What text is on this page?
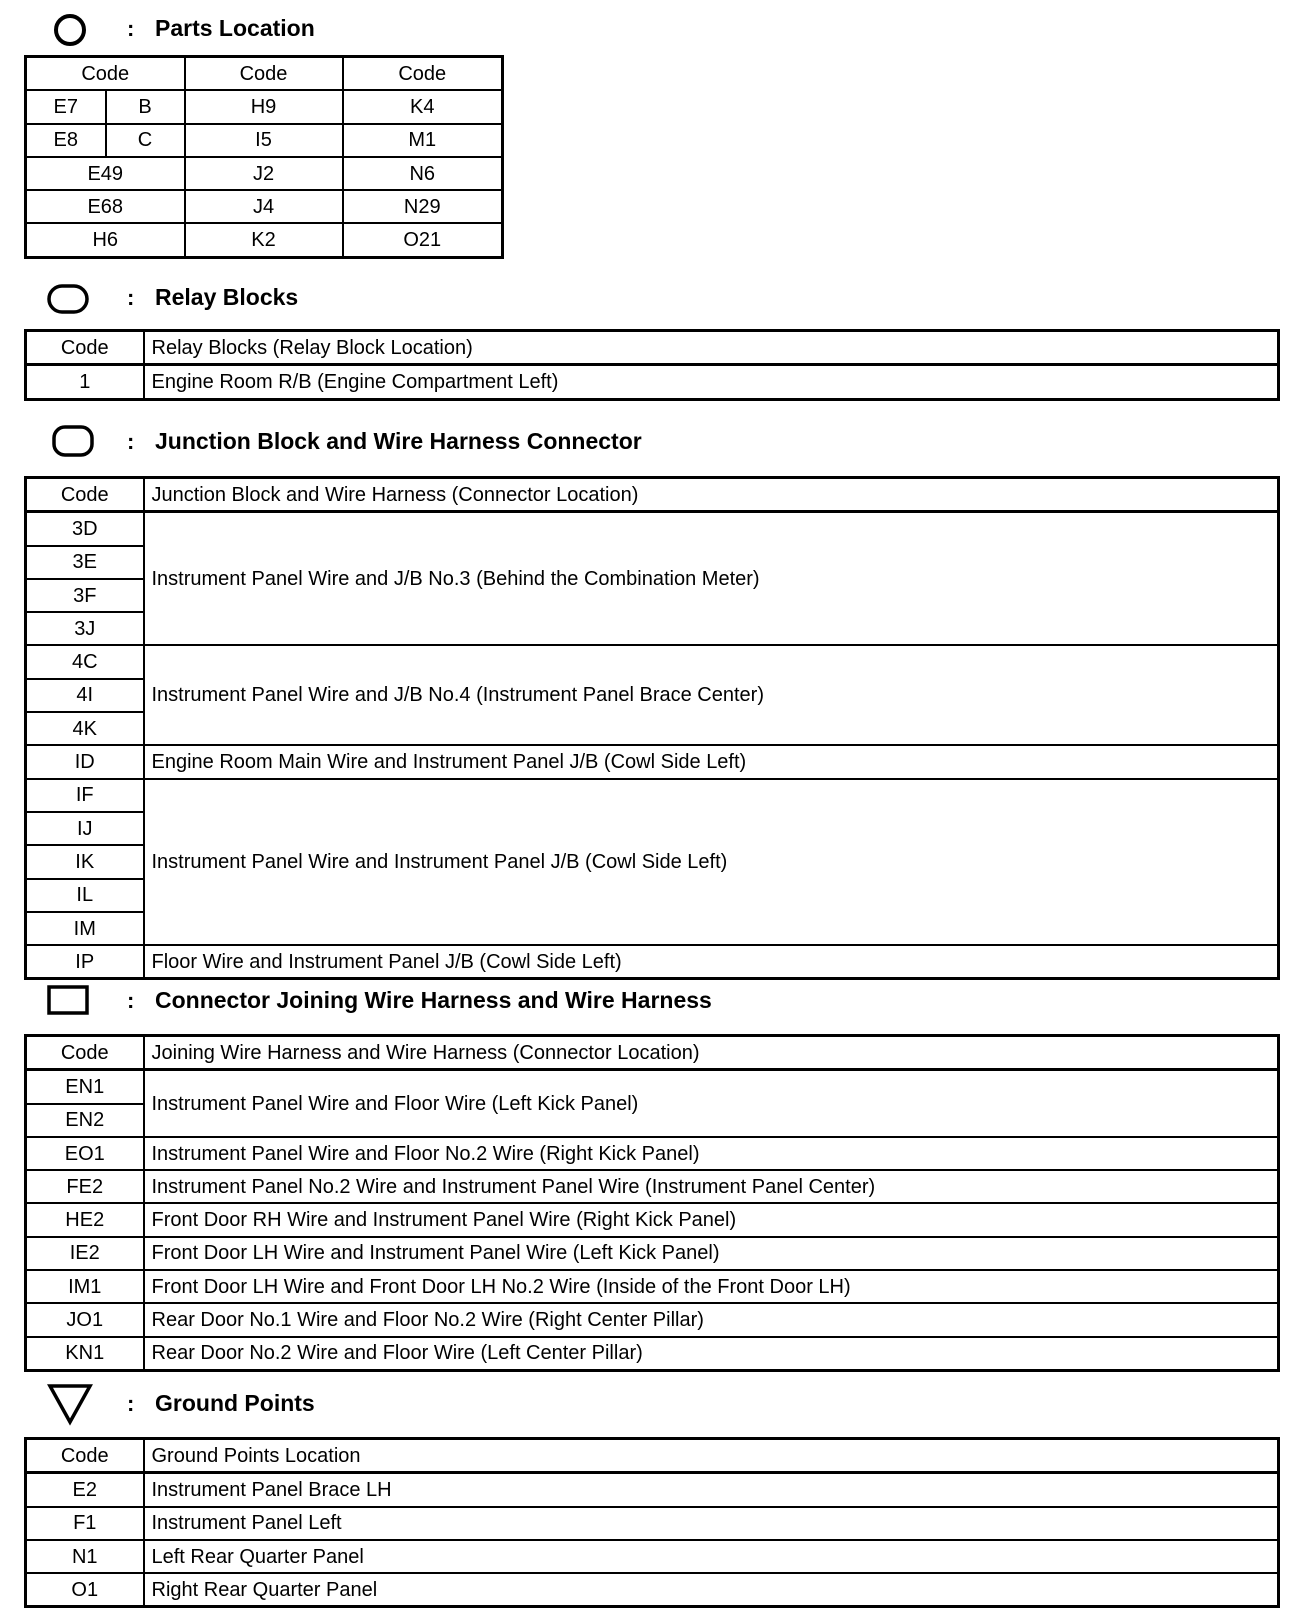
: Parts Location
Code		Code	Code
E7	B	H9	K4
E8	C	I5	M1
E49		J2	N6
E68		J4	N29
H6		K2	O21
: Relay Blocks
Code	Relay Blocks (Relay Block Location)
1	Engine Room R/B (Engine Compartment Left)
: Junction Block and Wire Harness Connector
Code	Junction Block and Wire Harness (Connector Location)
3D	Instrument Panel Wire and J/B No.3 (Behind the Combination Meter)
3E	
3F	
3J	
4C	Instrument Panel Wire and J/B No.4 (Instrument Panel Brace Center)
4I	
4K	
ID	Engine Room Main Wire and Instrument Panel J/B (Cowl Side Left)
IF	Instrument Panel Wire and Instrument Panel J/B (Cowl Side Left)
IJ	
IK	
IL	
IM	
IP	Floor Wire and Instrument Panel J/B (Cowl Side Left)
: Connector Joining Wire Harness and Wire Harness
Code	Joining Wire Harness and Wire Harness (Connector Location)
EN1	Instrument Panel Wire and Floor Wire (Left Kick Panel)
EN2	
EO1	Instrument Panel Wire and Floor No.2 Wire (Right Kick Panel)
FE2	Instrument Panel No.2 Wire and Instrument Panel Wire (Instrument Panel Center)
HE2	Front Door RH Wire and Instrument Panel Wire (Right Kick Panel)
IE2	Front Door LH Wire and Instrument Panel Wire (Left Kick Panel)
IM1	Front Door LH Wire and Front Door LH No.2 Wire (Inside of the Front Door LH)
JO1	Rear Door No.1 Wire and Floor No.2 Wire (Right Center Pillar)
KN1	Rear Door No.2 Wire and Floor Wire (Left Center Pillar)
: Ground Points
Code	Ground Points Location
E2	Instrument Panel Brace LH
F1	Instrument Panel Left
N1	Left Rear Quarter Panel
O1	Right Rear Quarter Panel
